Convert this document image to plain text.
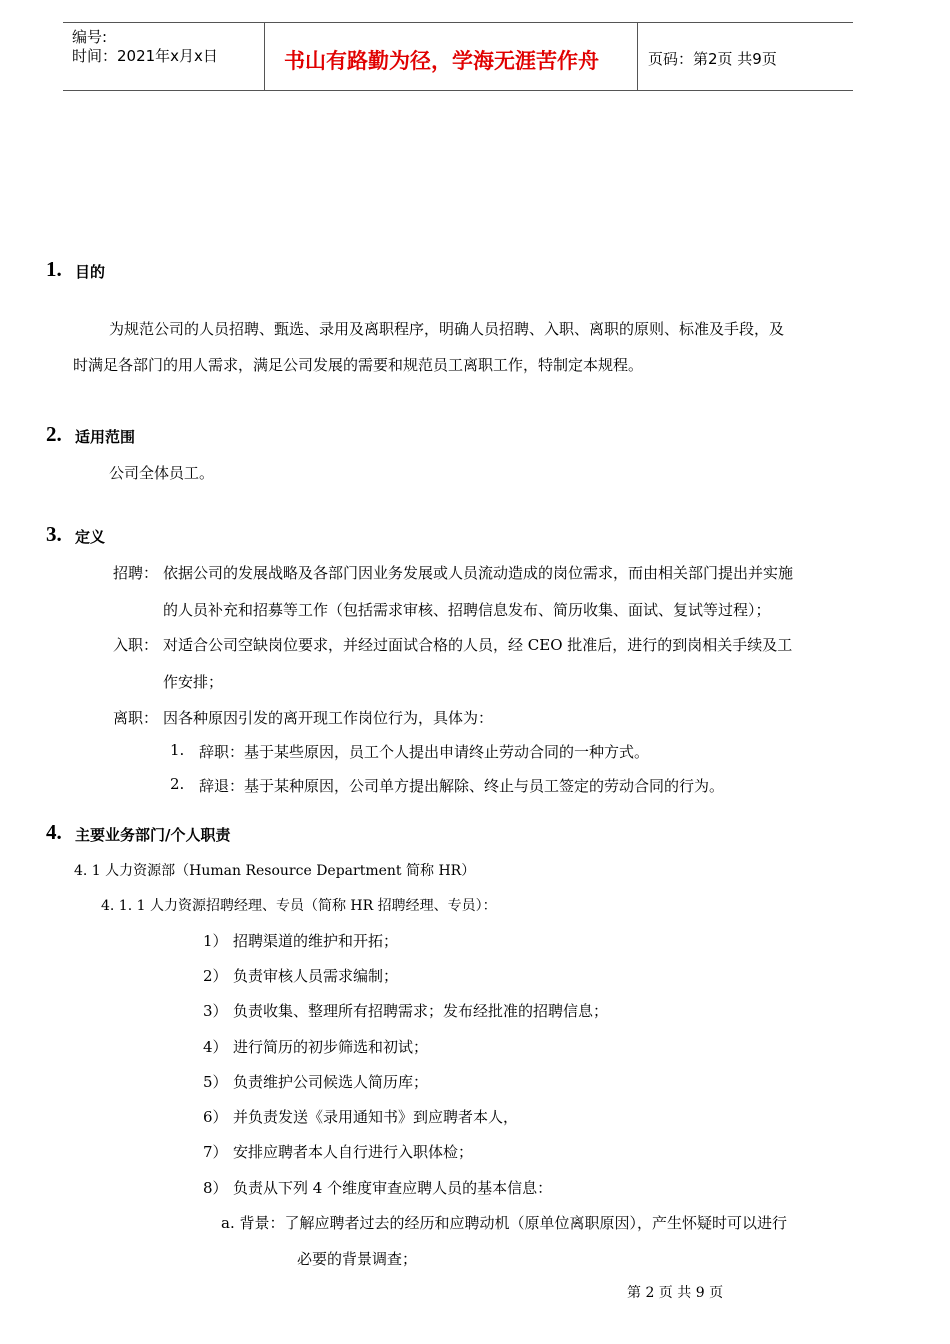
编号:
时间：2021年x月x日	书山有路勤为径，学海无涯苦作舟	页码：第2页 共9页
1. 目的
为规范公司的人员招聘、甄选、录用及离职程序，明确人员招聘、入职、离职的原则、标准及手段，及
时满足各部门的用人需求，满足公司发展的需要和规范员工离职工作，特制定本规程。
2. 适用范围
公司全体员工。
3. 定义
招聘： 依据公司的发展战略及各部门因业务发展或人员流动造成的岗位需求，而由相关部门提出并实施
的人员补充和招募等工作（包括需求审核、招聘信息发布、简历收集、面试、复试等过程）；
入职： 对适合公司空缺岗位要求，并经过面试合格的人员，经 CEO 批准后，进行的到岗相关手续及工
作安排；
离职： 因各种原因引发的离开现工作岗位行为，具体为：
1. 辞职：基于某些原因，员工个人提出申请终止劳动合同的一种方式。
2. 辞退：基于某种原因，公司单方提出解除、终止与员工签定的劳动合同的行为。
4. 主要业务部门/个人职责
4. 1 人力资源部（Human Resource Department 简称 HR）
4. 1. 1 人力资源招聘经理、专员（简称 HR 招聘经理、专员）：
1） 招聘渠道的维护和开拓；
2） 负责审核人员需求编制；
3） 负责收集、整理所有招聘需求；发布经批准的招聘信息；
4） 进行简历的初步筛选和初试；
5） 负责维护公司候选人简历库；
6） 并负责发送《录用通知书》到应聘者本人，
7） 安排应聘者本人自行进行入职体检；
8） 负责从下列 4 个维度审查应聘人员的基本信息：
a. 背景：了解应聘者过去的经历和应聘动机（原单位离职原因），产生怀疑时可以进行
必要的背景调查；
第 2 页 共 9 页
